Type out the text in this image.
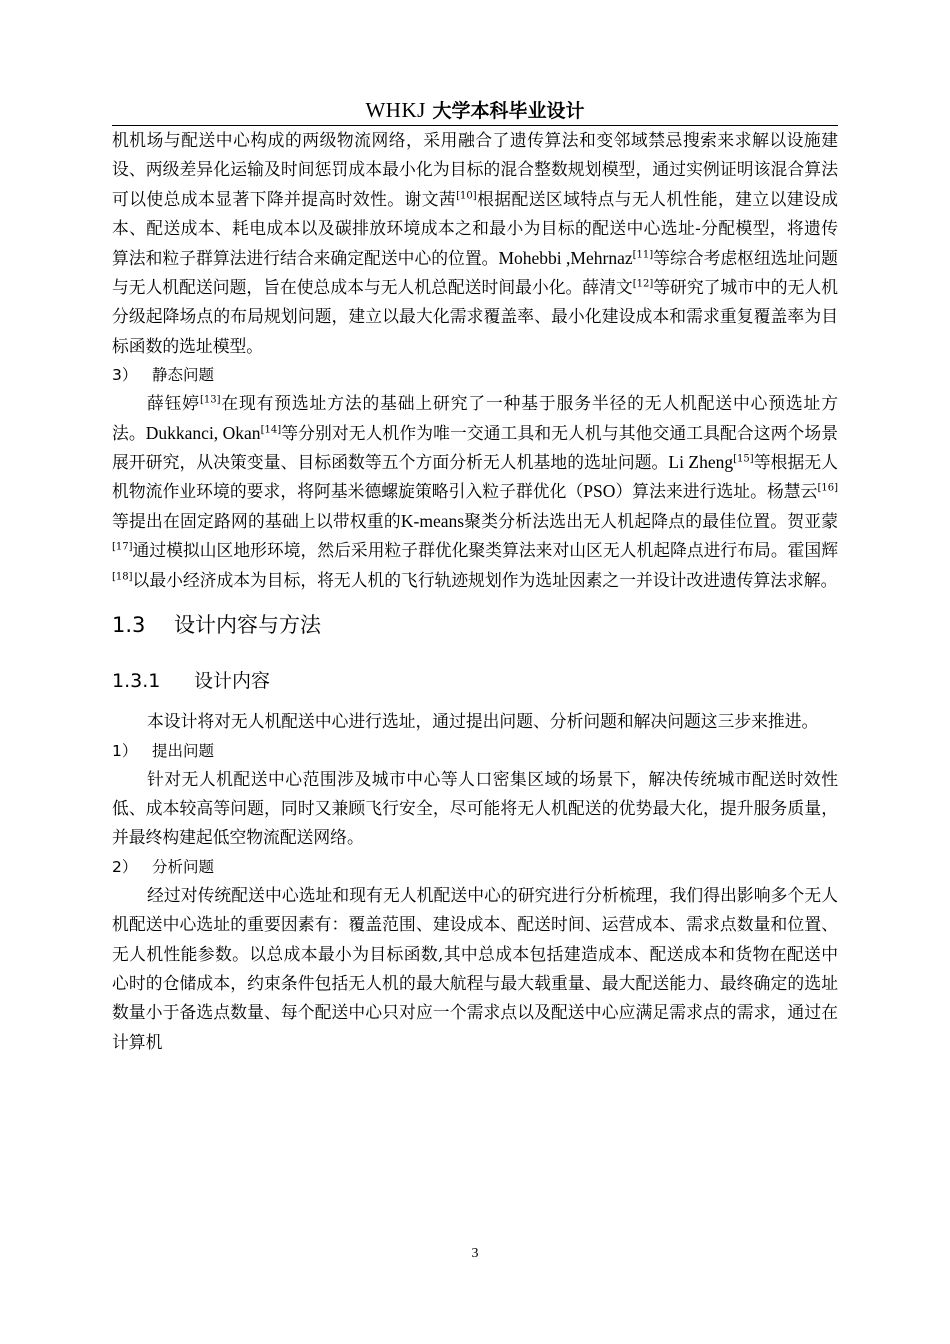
WHKJ 大学本科毕业设计

机机场与配送中心构成的两级物流网络，采用融合了遗传算法和变邻域禁忌搜索来求解以设施建设、两级差异化运输及时间惩罚成本最小化为目标的混合整数规划模型，通过实例证明该混合算法可以使总成本显著下降并提高时效性。谢文茜[10]根据配送区域特点与无人机性能，建立以建设成本、配送成本、耗电成本以及碳排放环境成本之和最小为目标的配送中心选址-分配模型，将遗传算法和粒子群算法进行结合来确定配送中心的位置。Mohebbi ,Mehrnaz[11]等综合考虑枢纽选址问题与无人机配送问题，旨在使总成本与无人机总配送时间最小化。薛清文[12]等研究了城市中的无人机分级起降场点的布局规划问题，建立以最大化需求覆盖率、最小化建设成本和需求重复覆盖率为目标函数的选址模型。

3） 静态问题

薛钰婷[13]在现有预选址方法的基础上研究了一种基于服务半径的无人机配送中心预选址方法。Dukkanci, Okan[14]等分别对无人机作为唯一交通工具和无人机与其他交通工具配合这两个场景展开研究，从决策变量、目标函数等五个方面分析无人机基地的选址问题。Li Zheng[15]等根据无人机物流作业环境的要求，将阿基米德螺旋策略引入粒子群优化（PSO）算法来进行选址。杨慧云[16]等提出在固定路网的基础上以带权重的K-means聚类分析法选出无人机起降点的最佳位置。贺亚蒙[17]通过模拟山区地形环境，然后采用粒子群优化聚类算法来对山区无人机起降点进行布局。霍国辉[18]以最小经济成本为目标，将无人机的飞行轨迹规划作为选址因素之一并设计改进遗传算法求解。

1.3 设计内容与方法
1.3.1 设计内容

本设计将对无人机配送中心进行选址，通过提出问题、分析问题和解决问题这三步来推进。

1） 提出问题

针对无人机配送中心范围涉及城市中心等人口密集区域的场景下，解决传统城市配送时效性低、成本较高等问题，同时又兼顾飞行安全，尽可能将无人机配送的优势最大化，提升服务质量，并最终构建起低空物流配送网络。

2） 分析问题

经过对传统配送中心选址和现有无人机配送中心的研究进行分析梳理，我们得出影响多个无人机配送中心选址的重要因素有：覆盖范围、建设成本、配送时间、运营成本、需求点数量和位置、无人机性能参数。以总成本最小为目标函数,其中总成本包括建造成本、配送成本和货物在配送中心时的仓储成本，约束条件包括无人机的最大航程与最大载重量、最大配送能力、最终确定的选址数量小于备选点数量、每个配送中心只对应一个需求点以及配送中心应满足需求点的需求，通过在计算机

3
